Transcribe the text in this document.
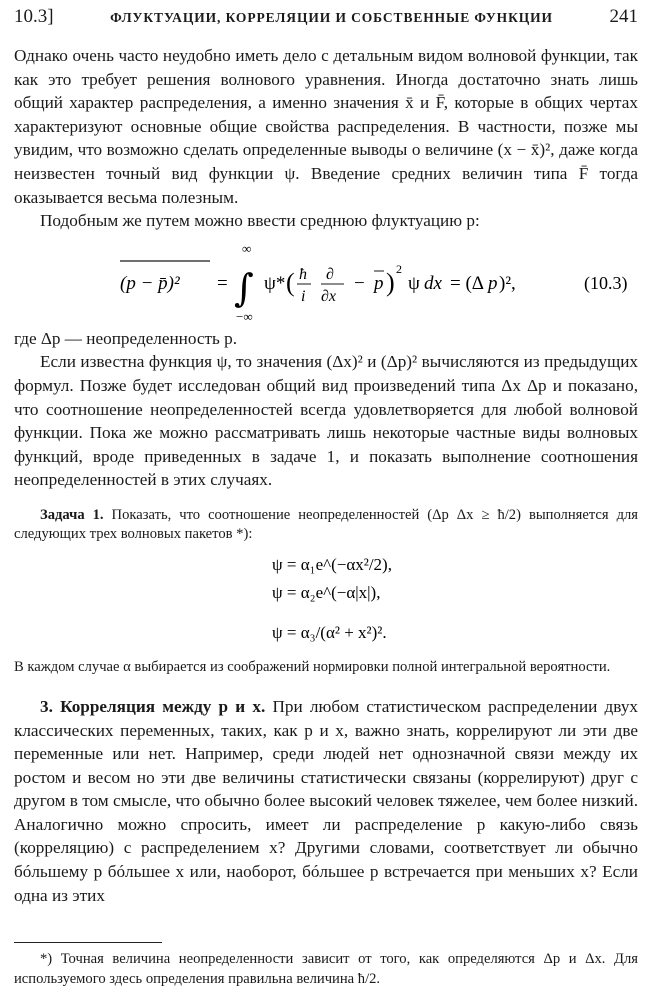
10.3]	ФЛУКТУАЦИИ, КОРРЕЛЯЦИИ И СОБСТВЕННЫЕ ФУНКЦИИ	241

Однако очень часто неудобно иметь дело с детальным видом волновой функции, так как это требует решения волнового уравнения. Иногда достаточно знать лишь общий характер распределения, а именно значения x̄ и F̄, которые в общих чертах характеризуют основные общие свойства распределения. В частности, позже мы увидим, что возможно сделать определенные выводы о величине (x − x̄)², даже когда неизвестен точный вид функции ψ. Введение средних величин типа F̄ тогда оказывается весьма полезным.

Подобным же путем можно ввести среднюю флуктуацию p:

(p − p̄)² = ∫
∞
−∞
ψ* ( ħ
i
∂
∂x
− p ) 2
ψ dx = (Δ p )²,	(10.3)
= ∫ ψ* (ħ/i ∂/∂x − p̄)² ψ dx = (Δp)²,

где Δp — неопределенность p.

Если известна функция ψ, то значения (Δx)² и (Δp)² вычисляются из предыдущих формул. Позже будет исследован общий вид произведений типа Δx Δp и показано, что соотношение неопределенностей всегда удовлетворяется для любой волновой функции. Пока же можно рассматривать лишь некоторые частные виды волновых функций, вроде приведенных в задаче 1, и показать выполнение соотношения неопределенностей в этих случаях.

Задача 1. Показать, что соотношение неопределенностей (Δp Δx ≥ ħ/2) выполняется для следующих трех волновых пакетов *):

ψ = α₁e^(−αx²/2),
ψ = α₂e^(−α|x|),
ψ = α₃/(α² + x²)².

В каждом случае α выбирается из соображений нормировки полной интегральной вероятности.

3. Корреляция между p и x. При любом статистическом распределении двух классических переменных, таких, как p и x, важно знать, коррелируют ли эти две переменные или нет. Например, среди людей нет однозначной связи между их ростом и весом но эти две величины статистически связаны (коррелируют) друг с другом в том смысле, что обычно более высокий человек тяжелее, чем более низкий. Аналогично можно спросить, имеет ли распределение p какую-либо связь (корреляцию) с распределением x? Другими словами, соответствует ли обычно бóльшему p бóльшее x или, наоборот, бóльшее p встречается при меньших x? Если одна из этих

*) Точная величина неопределенности зависит от того, как определяются Δp и Δx. Для используемого здесь определения правильна величина ħ/2.
